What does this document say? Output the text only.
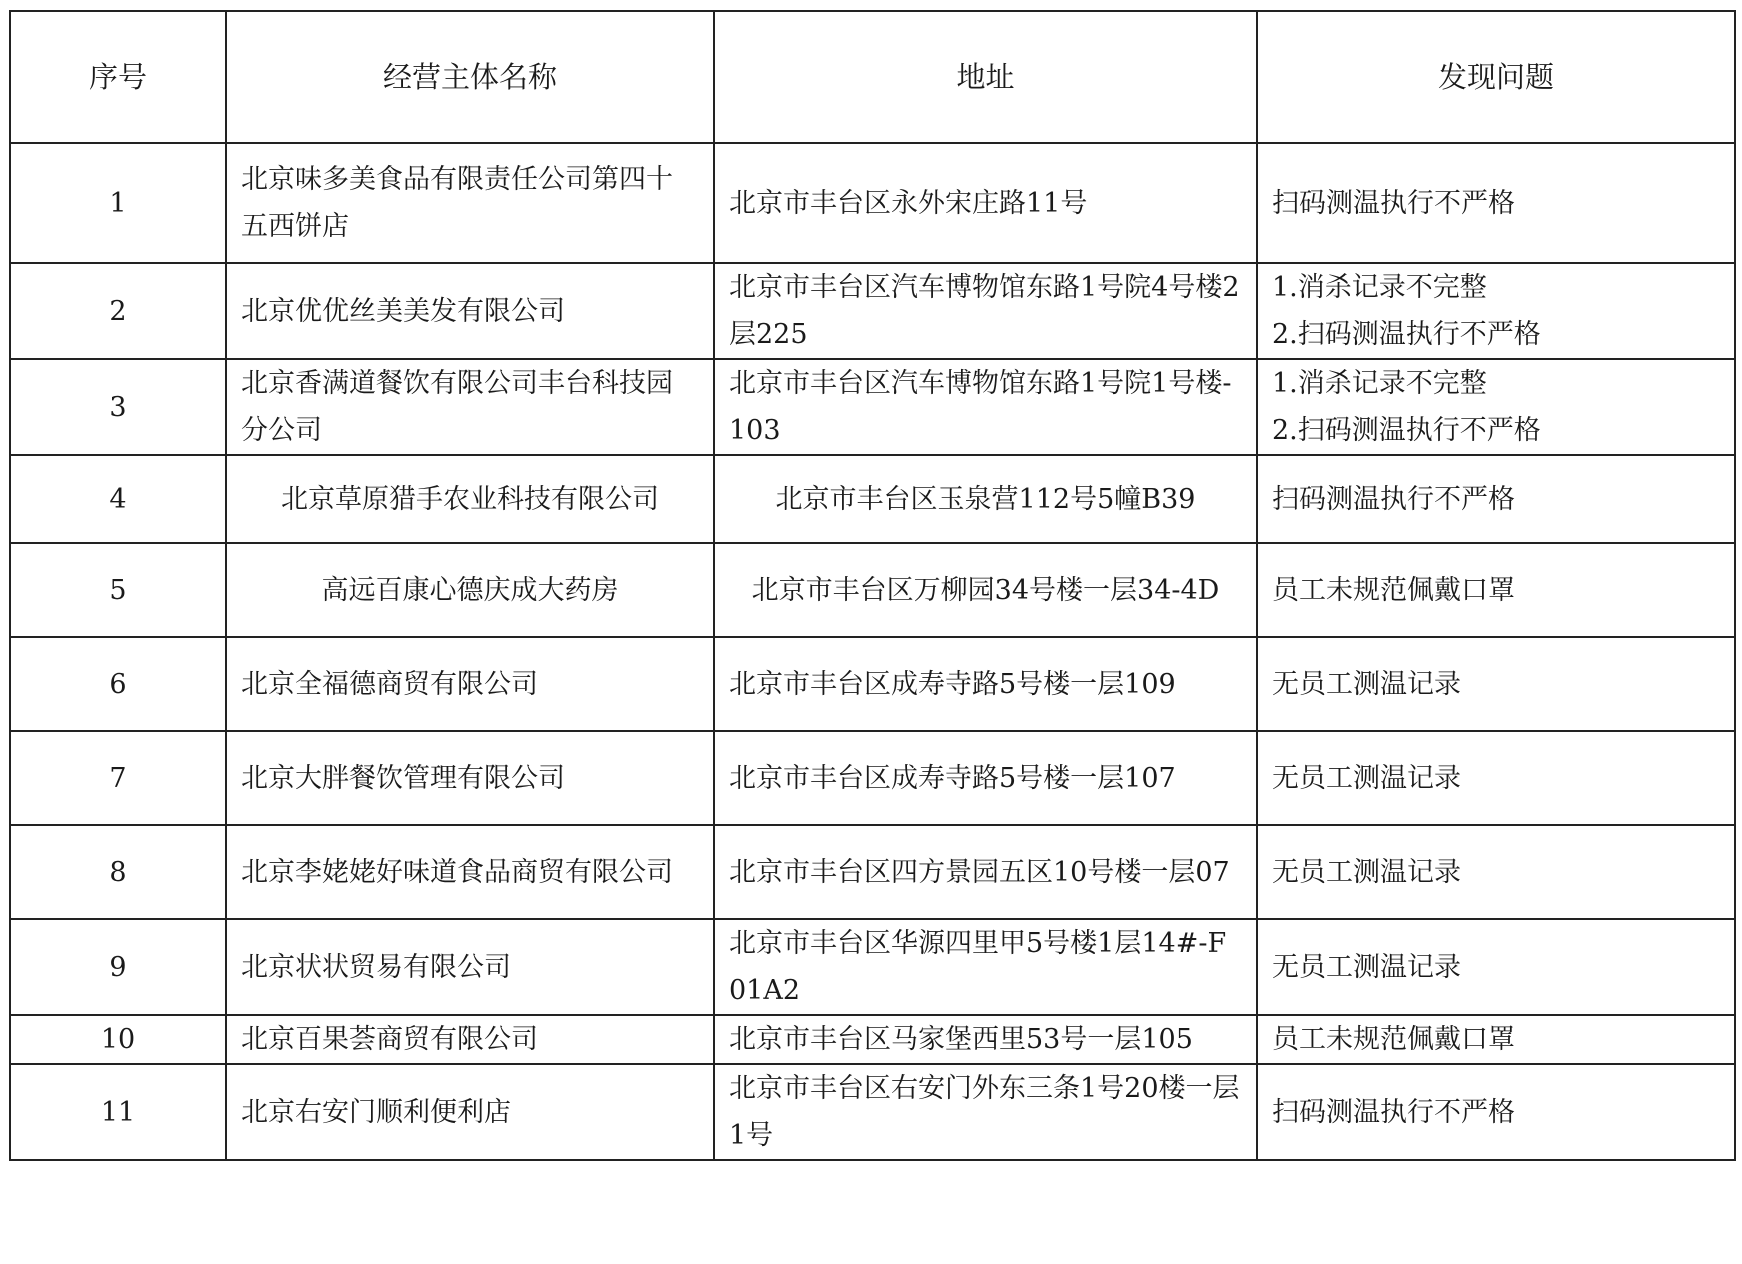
序号	经营主体名称	地址	发现问题
1	北京味多美食品有限责任公司第四十五西饼店	北京市丰台区永外宋庄路11号	扫码测温执行不严格

2	北京优优丝美美发有限公司	北京市丰台区汽车博物馆东路1号院4号楼2层225	1.消杀记录不完整
2.扫码测温执行不严格

3	北京香满道餐饮有限公司丰台科技园分公司	北京市丰台区汽车博物馆东路1号院1号楼-103	1.消杀记录不完整
2.扫码测温执行不严格

4	北京草原猎手农业科技有限公司	北京市丰台区玉泉营112号5幢B39	扫码测温执行不严格

5	高远百康心德庆成大药房	北京市丰台区万柳园34号楼一层34-4D	员工未规范佩戴口罩

6	北京全福德商贸有限公司	北京市丰台区成寿寺路5号楼一层109	无员工测温记录

7	北京大胖餐饮管理有限公司	北京市丰台区成寿寺路5号楼一层107	无员工测温记录

8	北京李姥姥好味道食品商贸有限公司	北京市丰台区四方景园五区10号楼一层07	无员工测温记录

9	北京状状贸易有限公司	北京市丰台区华源四里甲5号楼1层14#-F01A2	无员工测温记录

10	北京百果荟商贸有限公司	北京市丰台区马家堡西里53号一层105	员工未规范佩戴口罩

11	北京右安门顺利便利店	北京市丰台区右安门外东三条1号20楼一层1号	扫码测温执行不严格
